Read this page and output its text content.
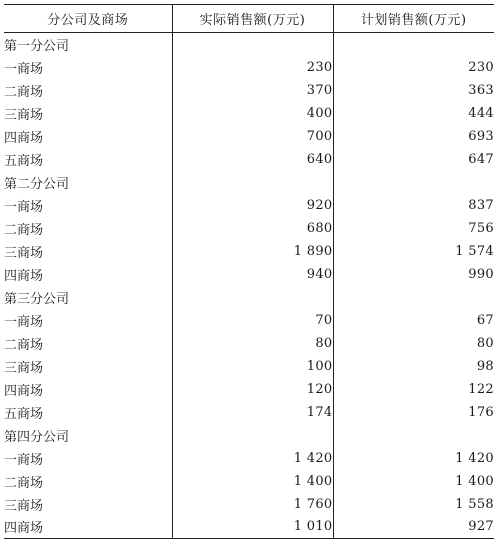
分公司及商场	实际销售额(万元)	计划销售额(万元)
第一分公司		
一商场	230	230
二商场	370	363
三商场	400	444
四商场	700	693
五商场	640	647
第二分公司		
一商场	920	837
二商场	680	756
三商场	1 890	1 574
四商场	940	990
第三分公司		
一商场	70	67
二商场	80	80
三商场	100	98
四商场	120	122
五商场	174	176
第四分公司		
一商场	1 420	1 420
二商场	1 400	1 400
三商场	1 760	1 558
四商场	1 010	927
